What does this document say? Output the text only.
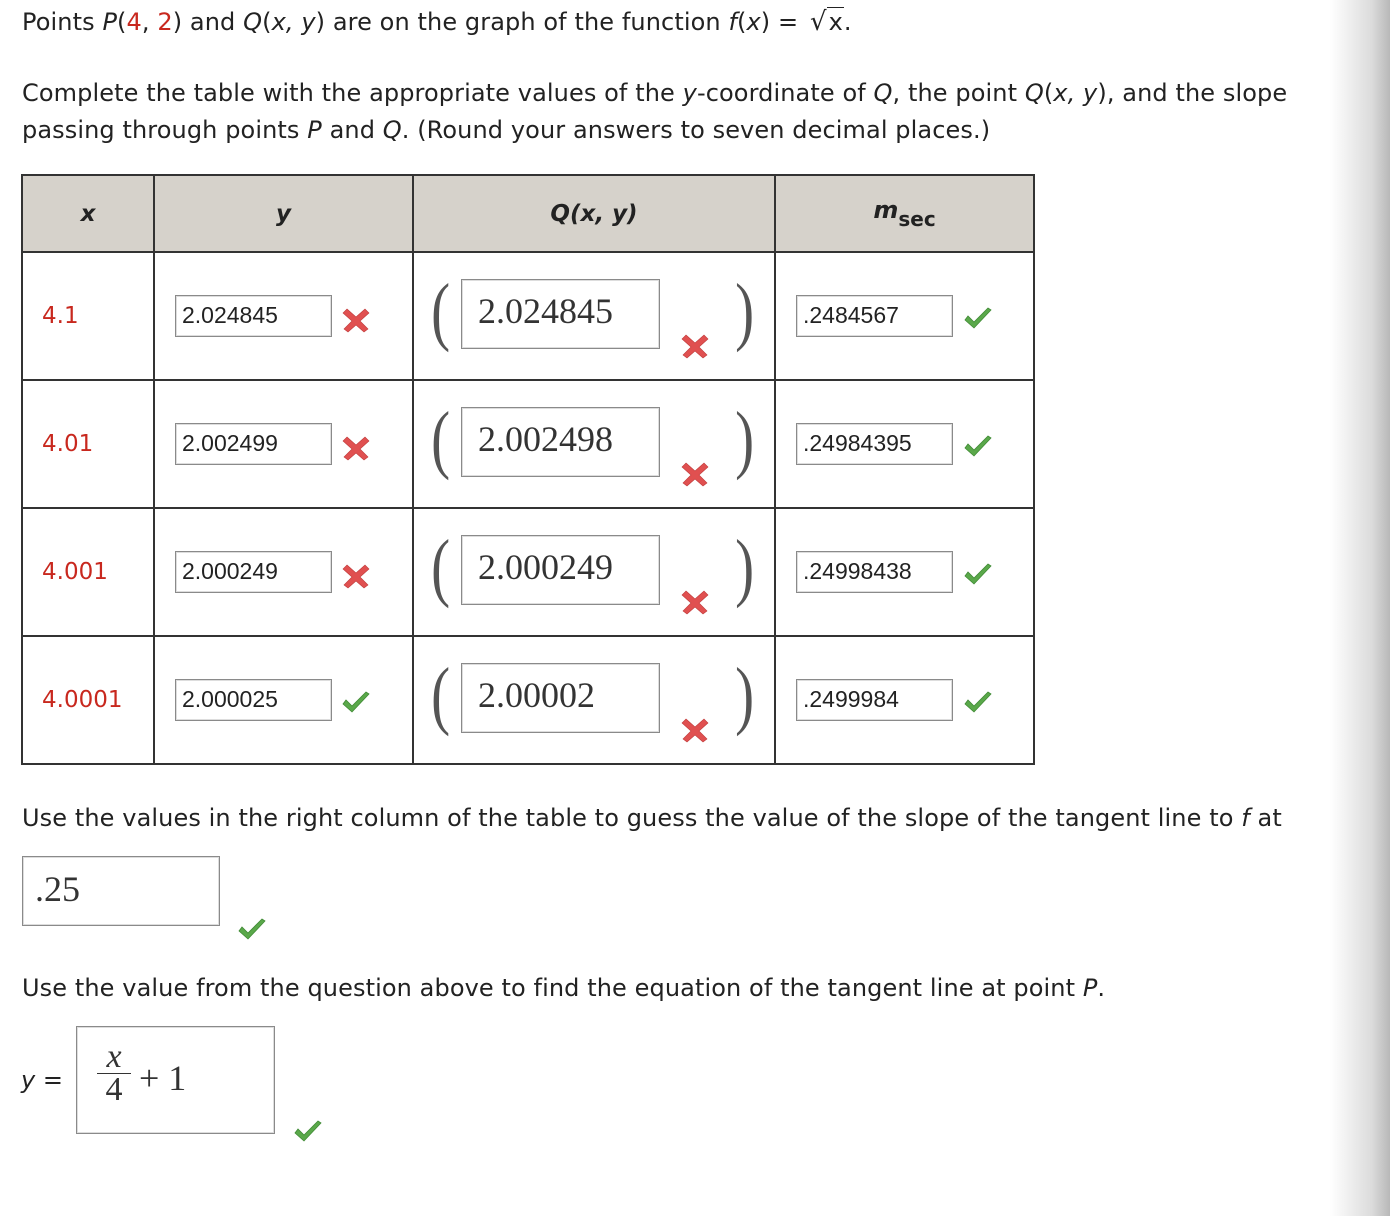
Points P(4, 2) and Q(x, y) are on the graph of the function f(x) = √x.
Complete the table with the appropriate values of the y-coordinate of Q, the point Q(x, y), and the slope
passing through points P and Q. (Round your answers to seven decimal places.)
x	y	Q(x, y)	msec
4.1	2.024845	( 2.024845 )	.2484567

4.01	2.002499	( 2.002498 )	.24984395

4.001	2.000249	( 2.000249 )	.24998438

4.0001	2.000025	( 2.00002 )	.2499984
Use the values in the right column of the table to guess the value of the slope of the tangent line to f at
.25
Use the value from the question above to find the equation of the tangent line at point P.
$y = \frac{x}{4} + 1$
